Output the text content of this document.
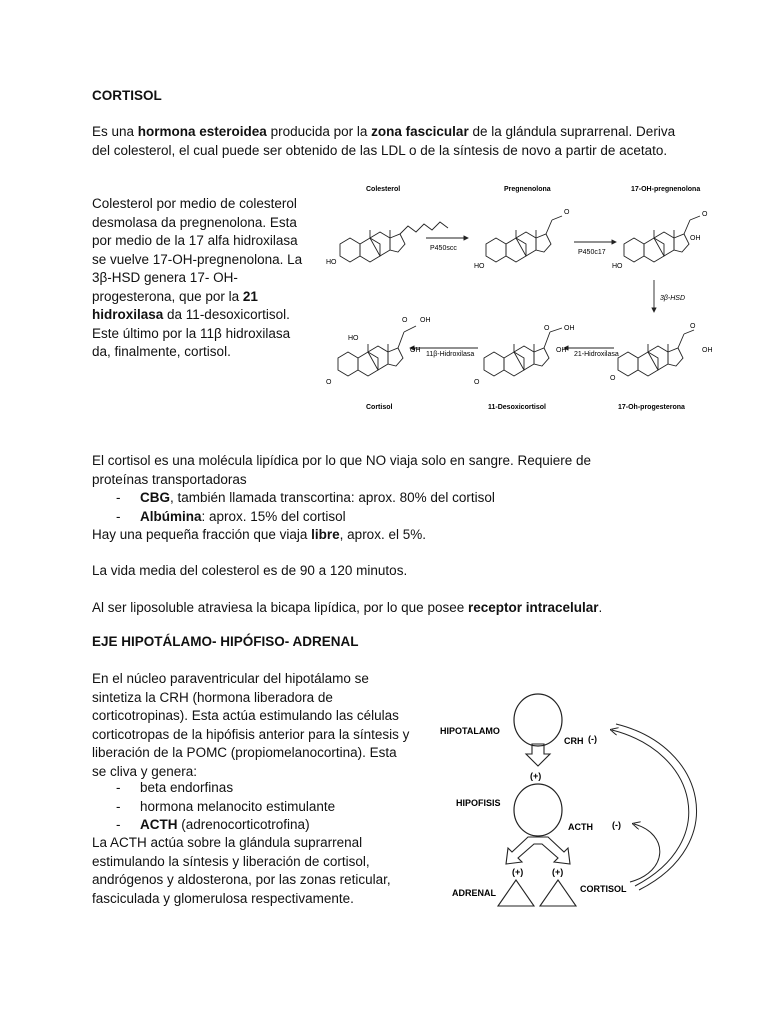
CORTISOL
Es una hormona esteroidea producida por la zona fascicular de la glándula suprarrenal. Deriva del colesterol, el cual puede ser obtenido de las LDL o de la síntesis de novo a partir de acetato.
Colesterol por medio de colesterol desmolasa da pregnenolona. Esta por medio de la 17 alfa hidroxilasa se vuelve 17-OH-pregnenolona. La 3β-HSD genera 17- OH-progesterona, que por la 21 hidroxilasa da 11-desoxicortisol. Este último por la 11β hidroxilasa da, finalmente, cortisol.
Colesterol	Pregnenolona	17-OH-pregnenolona
HO
P450scc
O
HO
P450c17
O
OH
HO
3β-HSD
O
OH
O
17-Oh-progesterona
21-Hidroxilasa
O OH
OH
O
11-Desoxicortisol
11β-Hidroxilasa
O OH
OH
HO
O
Cortisol
El cortisol es una molécula lipídica por lo que NO viaja solo en sangre. Requiere de proteínas transportadoras
- CBG, también llamada transcortina: aprox. 80% del cortisol
- Albúmina: aprox. 15% del cortisol
Hay una pequeña fracción que viaja libre, aprox. el 5%.
La vida media del colesterol es de 90 a 120 minutos.
Al ser liposoluble atraviesa la bicapa lipídica, por lo que posee receptor intracelular.
EJE HIPOTÁLAMO- HIPÓFISO- ADRENAL
En el núcleo paraventricular del hipotálamo se sintetiza la CRH (hormona liberadora de corticotropinas). Esta actúa estimulando las células corticotropas de la hipófisis anterior para la síntesis y liberación de la POMC (propiomelanocortina). Esta se cliva y genera:
- beta endorfinas
- hormona melanocito estimulante
- ACTH (adrenocorticotrofina)
La ACTH actúa sobre la glándula suprarrenal estimulando la síntesis y liberación de cortisol, andrógenos y aldosterona, por las zonas reticular, fasciculada y glomerulosa respectivamente.
HIPOTALAMO
(+)
HIPOFISIS
(+)	(+)
ADRENAL
CRH (-)
ACTH (-)
CORTISOL
